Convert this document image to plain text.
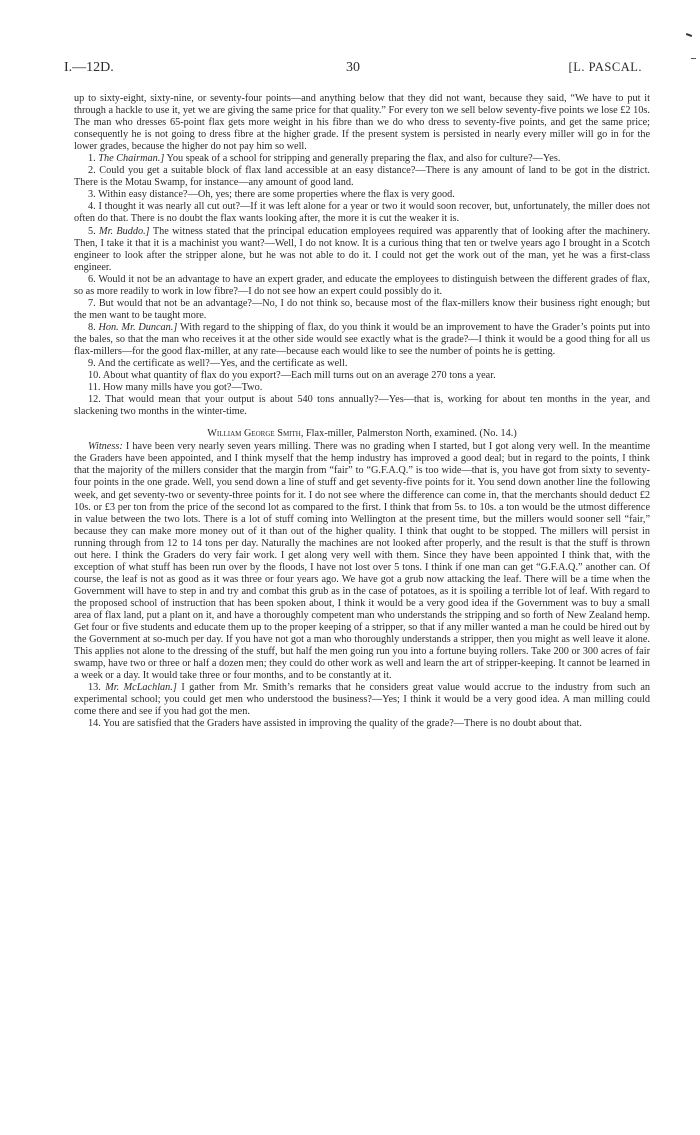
I.—12D.	30	[L. PASCAL.

up to sixty-eight, sixty-nine, or seventy-four points—and anything below that they did not want, because they said, “We have to put it through a hackle to use it, yet we are giving the same price for that quality.” For every ton we sell below seventy-five points we lose £2 10s. The man who dresses 65-point flax gets more weight in his fibre than we do who dress to seventy-five points, and get the same price; consequently he is not going to dress fibre at the higher grade. If the present system is persisted in nearly every miller will go in for the lower grades, because the higher do not pay him so well.

1. The Chairman.] You speak of a school for stripping and generally preparing the flax, and also for culture?—Yes.

2. Could you get a suitable block of flax land accessible at an easy distance?—There is any amount of land to be got in the district. There is the Motau Swamp, for instance—any amount of good land.

3. Within easy distance?—Oh, yes; there are some properties where the flax is very good.

4. I thought it was nearly all cut out?—If it was left alone for a year or two it would soon recover, but, unfortunately, the miller does not often do that. There is no doubt the flax wants looking after, the more it is cut the weaker it is.

5. Mr. Buddo.] The witness stated that the principal education employees required was apparently that of looking after the machinery. Then, I take it that it is a machinist you want?—Well, I do not know. It is a curious thing that ten or twelve years ago I brought in a Scotch engineer to look after the stripper alone, but he was not able to do it. I could not get the work out of the man, yet he was a first-class engineer.

6. Would it not be an advantage to have an expert grader, and educate the employees to distinguish between the different grades of flax, so as more readily to work in low fibre?—I do not see how an expert could possibly do it.

7. But would that not be an advantage?—No, I do not think so, because most of the flax-millers know their business right enough; but the men want to be taught more.

8. Hon. Mr. Duncan.] With regard to the shipping of flax, do you think it would be an improvement to have the Grader’s points put into the bales, so that the man who receives it at the other side would see exactly what is the grade?—I think it would be a good thing for all us flax-millers—for the good flax-miller, at any rate—because each would like to see the number of points he is getting.

9. And the certificate as well?—Yes, and the certificate as well.

10. About what quantity of flax do you export?—Each mill turns out on an average 270 tons a year.

11. How many mills have you got?—Two.

12. That would mean that your output is about 540 tons annually?—Yes—that is, working for about ten months in the year, and slackening two months in the winter-time.

William George Smith, Flax-miller, Palmerston North, examined. (No. 14.)

Witness: I have been very nearly seven years milling. There was no grading when I started, but I got along very well. In the meantime the Graders have been appointed, and I think myself that the hemp industry has improved a good deal; but in regard to the points, I think that the majority of the millers consider that the margin from “fair” to “G.F.A.Q.” is too wide—that is, you have got from sixty to seventy-four points in the one grade. Well, you send down a line of stuff and get seventy-five points for it. You send down another line the following week, and get seventy-two or seventy-three points for it. I do not see where the difference can come in, that the merchants should deduct £2 10s. or £3 per ton from the price of the second lot as compared to the first. I think that from 5s. to 10s. a ton would be the utmost difference in value between the two lots. There is a lot of stuff coming into Wellington at the present time, but the millers would sooner sell “fair,” because they can make more money out of it than out of the higher quality. I think that ought to be stopped. The millers will persist in running through from 12 to 14 tons per day. Naturally the machines are not looked after properly, and the result is that the stuff is thrown out here. I think the Graders do very fair work. I get along very well with them. Since they have been appointed I think that, with the exception of what stuff has been run over by the floods, I have not lost over 5 tons. I think if one man can get “G.F.A.Q.” another can. Of course, the leaf is not as good as it was three or four years ago. We have got a grub now attacking the leaf. There will be a time when the Government will have to step in and try and combat this grub as in the case of potatoes, as it is spoiling a terrible lot of leaf. With regard to the proposed school of instruction that has been spoken about, I think it would be a very good idea if the Government was to buy a small area of flax land, put a plant on it, and have a thoroughly competent man who understands the stripping and so forth of New Zealand hemp. Get four or five students and educate them up to the proper keeping of a stripper, so that if any miller wanted a man he could be hired out by the Government at so-much per day. If you have not got a man who thoroughly understands a stripper, then you might as well leave it alone. This applies not alone to the dressing of the stuff, but half the men going run you into a fortune buying rollers. Take 200 or 300 acres of fair swamp, have two or three or half a dozen men; they could do other work as well and learn the art of stripper-keeping. It cannot be learned in a week or a day. It would take three or four months, and to be constantly at it.

13. Mr. McLachlan.] I gather from Mr. Smith’s remarks that he considers great value would accrue to the industry from such an experimental school; you could get men who understood the business?—Yes; I think it would be a very good idea. A man milling could come there and see if you had got the men.

14. You are satisfied that the Graders have assisted in improving the quality of the grade?—There is no doubt about that.
